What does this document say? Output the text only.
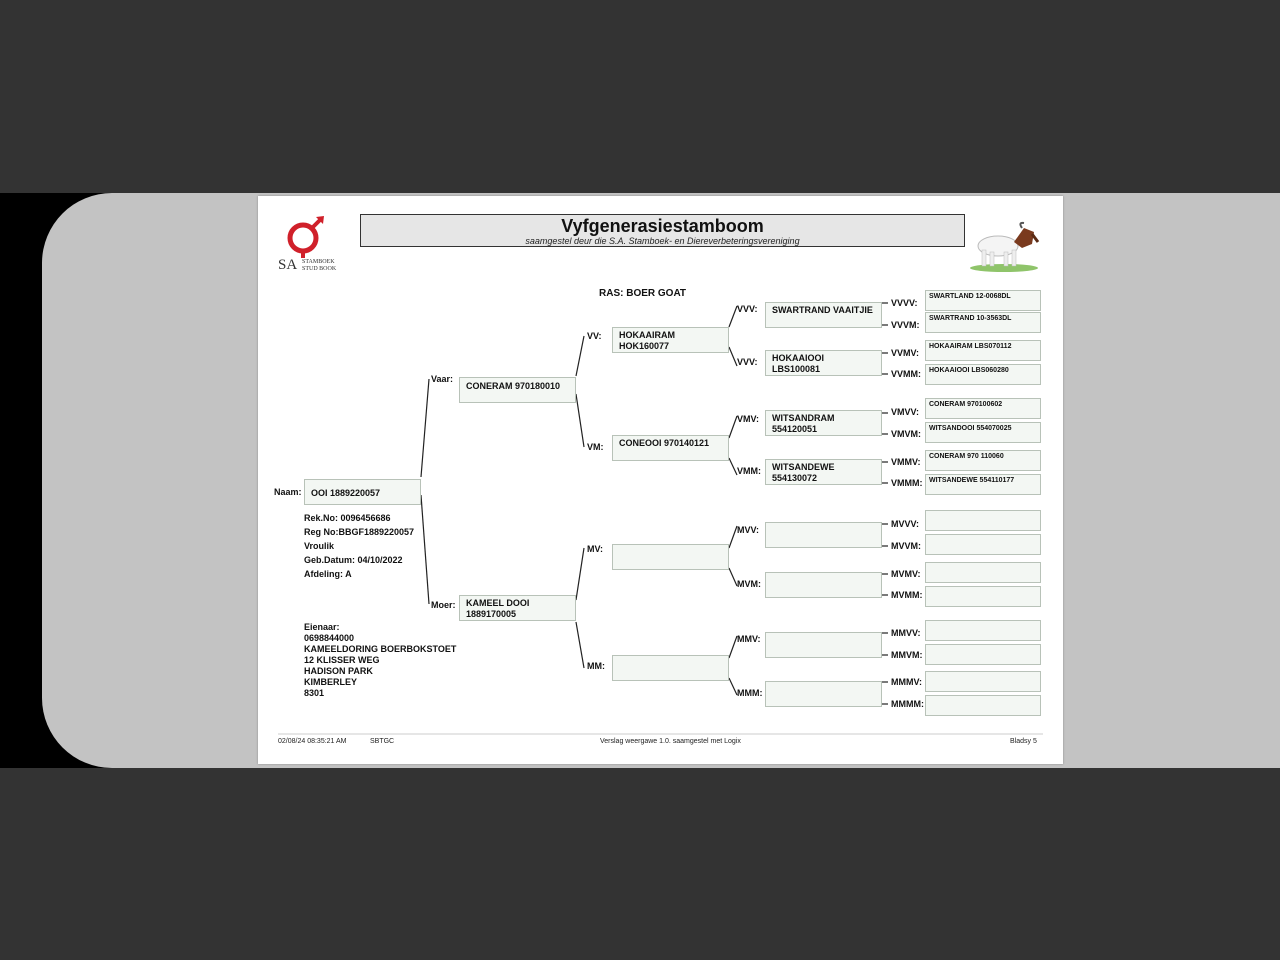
SA STAMBOEK
STUD BOOK
Vyfgenerasiestamboom
saamgestel deur die S.A. Stamboek- en Diereverbeteringsvereniging
RAS: BOER GOAT
Naam:	OOI 1889220057
Rek.No: 0096456686
Reg No:BBGF1889220057
Vroulik
Geb.Datum: 04/10/2022
Afdeling: A
Eienaar:
0698844000
KAMEELDORING BOERBOKSTOET
12 KLISSER WEG
HADISON PARK
KIMBERLEY
8301
Vaar:
CONERAM 970180010
Moer: KAMEEL DOOI
1889170005
VV: HOKAAIRAM
HOK160077
VM: CONEOOI 970140121
MV:
MM:
VVV: SWARTRAND VAAITJIE
VVV: HOKAAIOOI
LBS100081
VMV: WITSANDRAM
554120051
VMM: WITSANDEWE
554130072
MVV:
MVM:
MMV:
MMM:
VVVV:
SWARTLAND 12-0068DL
VVVM:
SWARTRAND 10-3563DL
VVMV:
HOKAAIRAM LBS070112
VVMM:	HOKAAIOOI LBS060280
VMVV:
CONERAM 970100602
VMVM:
WITSANDOOI 554070025
VMMV:
CONERAM 970 110060
VMMM: WITSANDEWE 554110177
MVVV:
MVVM:
MVMV:
MVMM:
MMVV:
MMVM:
MMMV:
MMMM:
02/08/24 08:35:21 AM	SBTGC	Verslag weergawe 1.0. saamgestel met Logix	Bladsy 5
